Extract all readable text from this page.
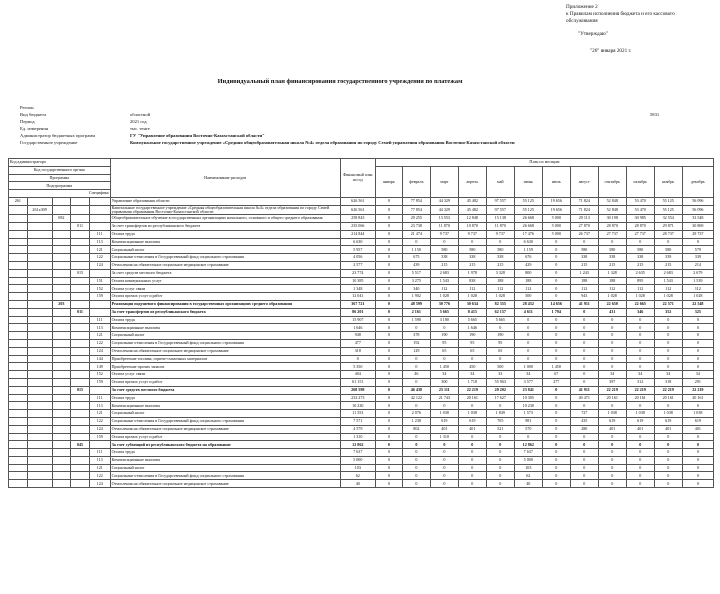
Приложение 2
к Правилам исполнения бюджета и его кассового
обслуживания
"Утверждаю"
"26" января 2021 г.
Индивидуальный план финансирования государственного учреждения по платежам
Регион
Вид бюджета	областной	5831
Период	2021 год
Ед. измерения	тыс. тенге
Администратор бюджетных программ	ГУ "Управление образования Восточно-Казахстанской области"
Государственное учреждение	Коммунальное государственное учреждение «Средняя общеобразовательная школа №4» отдела образования по городу Семей управления образования Восточно-Казахстанской области
Код администратора					Наименование расходов	Финансовый план на год	План по месяцам											
Код государственного органа							январь	февраль	март	апрель	май	июнь	июль	август	сентябрь	октябрь	ноябрь	декабрь
Программа																		
Подпрограмма																		
Специфика																		
261					Управление образования области	626 561	0	77 854	44 329	45 482	97 557	55 125	19 656	71 824	52 848	53 470	55 125	56 096
	261x309				Капитальные государственное учреждение «Средняя общеобразовательная школа №4» отдела образования по городу Семей управления образования Восточно-Казахстанской области	626 561	0	77 854	44 329	45 482	97 557	55 125	19 656	71 824	52 848	53 470	55 125	56 096
		082			Общеобразовательное обучение в государственных организациях начального, основного и общего среднего образования	258 843	0	29 255	13 553	12 848	15 138	26 668	5 000	29 113	30 198	30 985	32 554	33 548
			011		За счет трансфертов из республиканского бюджета	235 066	0	23 738	11 870	10 870	11 870	26 668	5 000	27 870	28 870	28 870	29 871	30 869
				111	Оплата труда	214 844	0	21 474	9 737	9 737	9 737	17 476	5 000	26 737	27 737	27 737	28 737	29 737
				113	Компенсационные выплаты	6 630	0	0	0	0	0	6 630	0	0	0	0	0	0
				121	Социальный налог	5 957	0	1 150	580	580	580	1 159	0	580	580	580	580	579
				122	Социальные отчисления в Государственный фонд социального страхования	4 056	0	675	338	338	338	676	0	338	338	338	339	339
				124	Отчисления на обязательное социальное медицинское страхование	2 577	0	439	215	215	215	429	0	215	215	215	215	214
			015		За счет средств местного бюджета	23 774	0	5 517	2 683	1 978	3 328	800	0	1 243	1 328	2 635	2 683	2 679
				151	Оплата коммунальных услуг	10 385	0	3 275	1 543	838	188	188	0	188	188	895	1 543	1 539
				152	Оплата услуг связи	1 348	0	340	112	112	112	112	0	112	112	112	112	112
				159	Оплата прочих услуг и работ	12 041	0	1 902	1 028	1 028	1 028	500	0	943	1 028	1 028	1 028	1 028
		203			Реализация подушевого финансирования в государственных организациях среднего образования	367 721	0	48 599	30 776	30 634	82 355	28 452	14 656	41 911	22 650	22 665	22 571	22 548
			011		За счет трансфертов из республиканского бюджета	86 201	0	2 161	5 665	8 415	62 157	4 611	1 794	0	431	346	352	325
				111	Оплата труда	15 907	0	1 590	3 180	5 665	5 665	0	0	0	0	0	0	0
				113	Компенсационные выплаты	1 646	0	0	0	1 646	0	0	0	0	0	0	0	0
				121	Социальный налог	948	0	378	190	190	190	0	0	0	0	0	0	0
				122	Социальные отчисления в Государственный фонд социального страхования	477	0	192	95	95	95	0	0	0	0	0	0	0
				124	Отчисления на обязательное социальное медицинское страхование	318	0	129	65	65	65	0	0	0	0	0	0	0
				144	Приобретение топлива, горюче-смазочных материалов	0	0	0	0	0	0	0	0	0	0	0	0	0
				149	Приобретение прочих запасов	5 350	0	0	1 450	450	500	1 000	1 450	0	0	0	0	0
				152	Оплата услуг связи	404	0	46	34	34	33	34	67	0	34	34	34	34
				159	Оплата прочих услуг и работ	61 151	0	0	300	1 718	55 963	3 577	277	0	397	312	318	291
			015		За счет средств местного бюджета	268 598	0	46 438	25 111	22 219	20 202	23 841	0	41 911	22 219	22 219	22 219	22 219
				111	Оплата труда	233 273	0	42 122	21 743	20 161	17 627	10 305	0	40 471	20 161	20 161	20 161	20 161
				113	Компенсационные выплаты	10 230	0	0	0	0	0	10 230	0	0	0	0	0	0
				121	Социальный налог	11 553	0	2 076	1 038	1 038	1 849	1 573	0	727	1 038	1 038	1 038	1 038
				122	Социальные отчисления в Государственный фонд социального страхования	7 571	0	1 238	619	619	705	981	0	435	619	619	619	619
				124	Отчисления на обязательное социальное медицинское страхование	4 579	0	802	401	401	521	570	0	280	401	401	401	401
				159	Оплата прочих услуг и работ	1 310	0	0	1 310	0	0	0	0	0	0	0	0	0
			045		За счет субвенций из республиканского бюджета на образование	12 862	0	0	0	0	0	12 862	0	0	0	0	0	0
				111	Оплата труда	7 637	0	0	0	0	0	7 637	0	0	0	0	0	0
				113	Компенсационные выплаты	5 000	0	0	0	0	0	5 000	0	0	0	0	0	0
				121	Социальный налог	103	0	0	0	0	0	103	0	0	0	0	0	0
				122	Социальные отчисления в Государственный фонд социального страхования	62	0	0	0	0	0	62	0	0	0	0	0	0
				124	Отчисления на обязательное социальное медицинское страхование	40	0	0	0	0	0	40	0	0	0	0	0	0
